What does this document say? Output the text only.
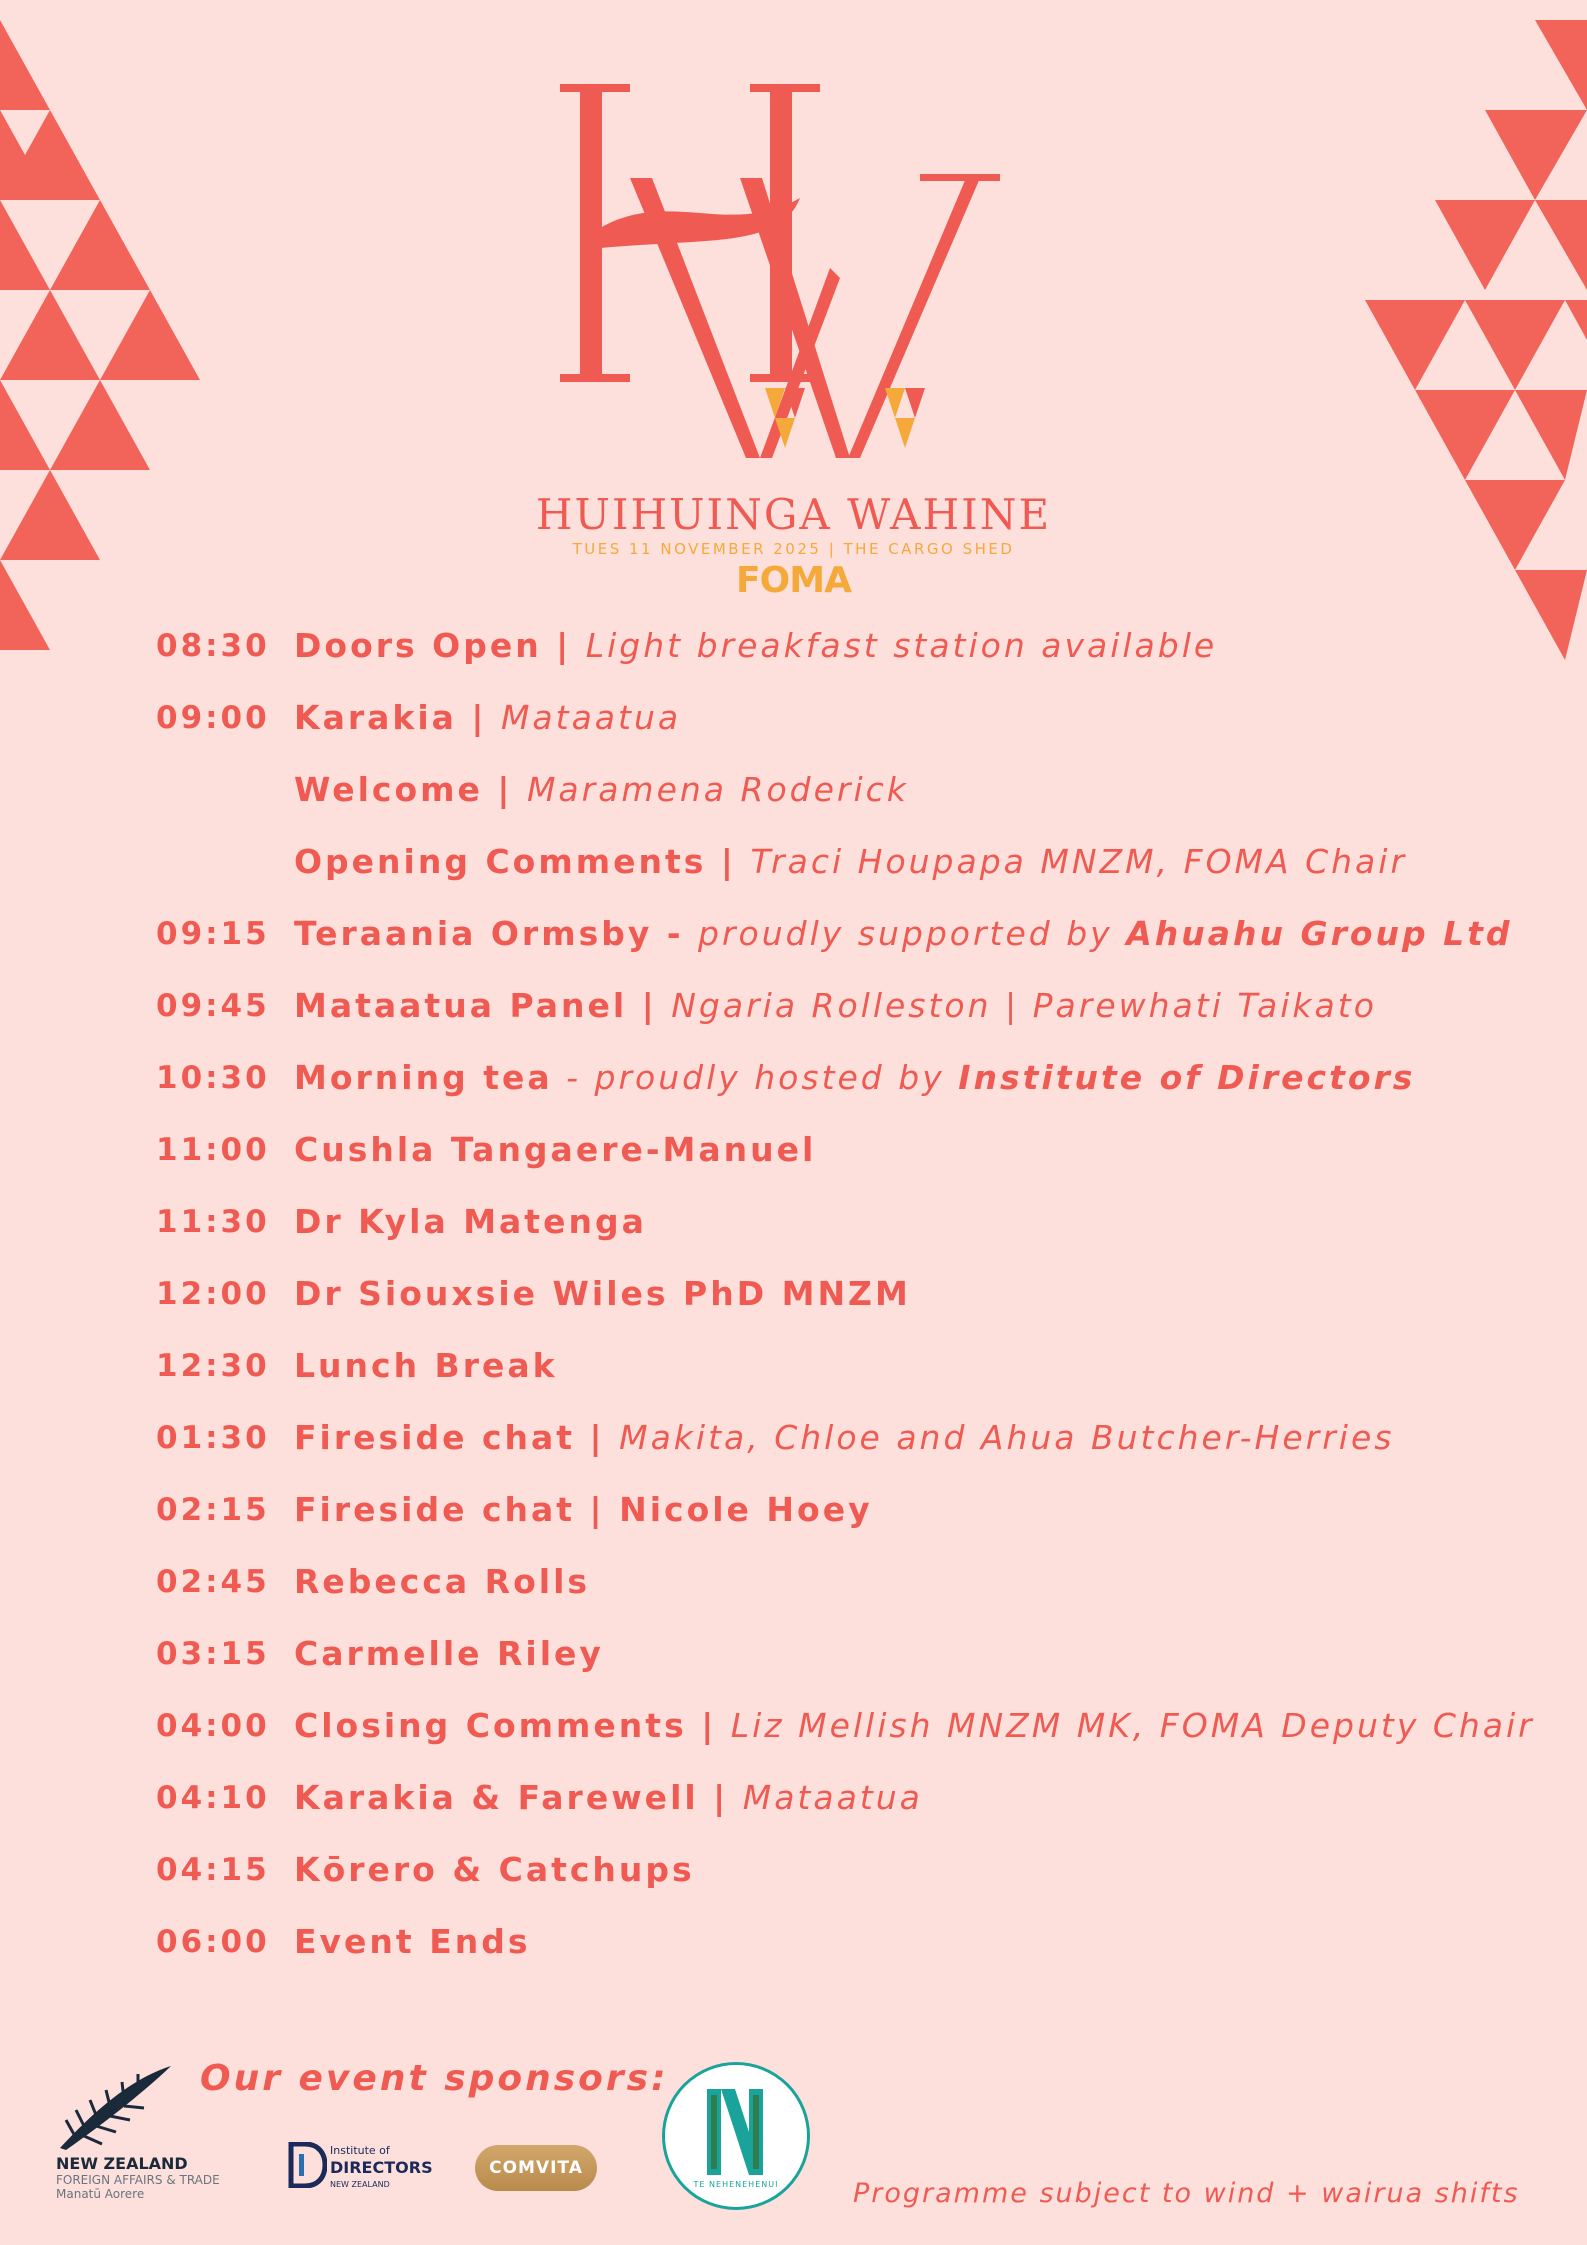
HUIHUINGA WAHINE
TUES 11 NOVEMBER 2025 | THE CARGO SHED
FOMA
08:30 Doors Open | Light breakfast station available
09:00 Karakia | Mataatua
Welcome | Maramena Roderick
Opening Comments | Traci Houpapa MNZM, FOMA Chair
09:15 Teraania Ormsby - proudly supported by Ahuahu Group Ltd
09:45 Mataatua Panel | Ngaria Rolleston | Parewhati Taikato
10:30 Morning tea - proudly hosted by Institute of Directors
11:00 Cushla Tangaere-Manuel
11:30 Dr Kyla Matenga
12:00 Dr Siouxsie Wiles PhD MNZM
12:30 Lunch Break
01:30 Fireside chat | Makita, Chloe and Ahua Butcher-Herries
02:15 Fireside chat | Nicole Hoey
02:45 Rebecca Rolls
03:15 Carmelle Riley
04:00 Closing Comments | Liz Mellish MNZM MK, FOMA Deputy Chair
04:10 Karakia & Farewell | Mataatua
04:15 Kōrero & Catchups
06:00 Event Ends
NEW ZEALAND
FOREIGN AFFAIRS & TRADE
Manatū Aorere
Institute of
DIRECTORS
NEW ZEALAND
COMVITA
TE NEHENEHENUI
Our event sponsors:
Programme subject to wind + wairua shifts
